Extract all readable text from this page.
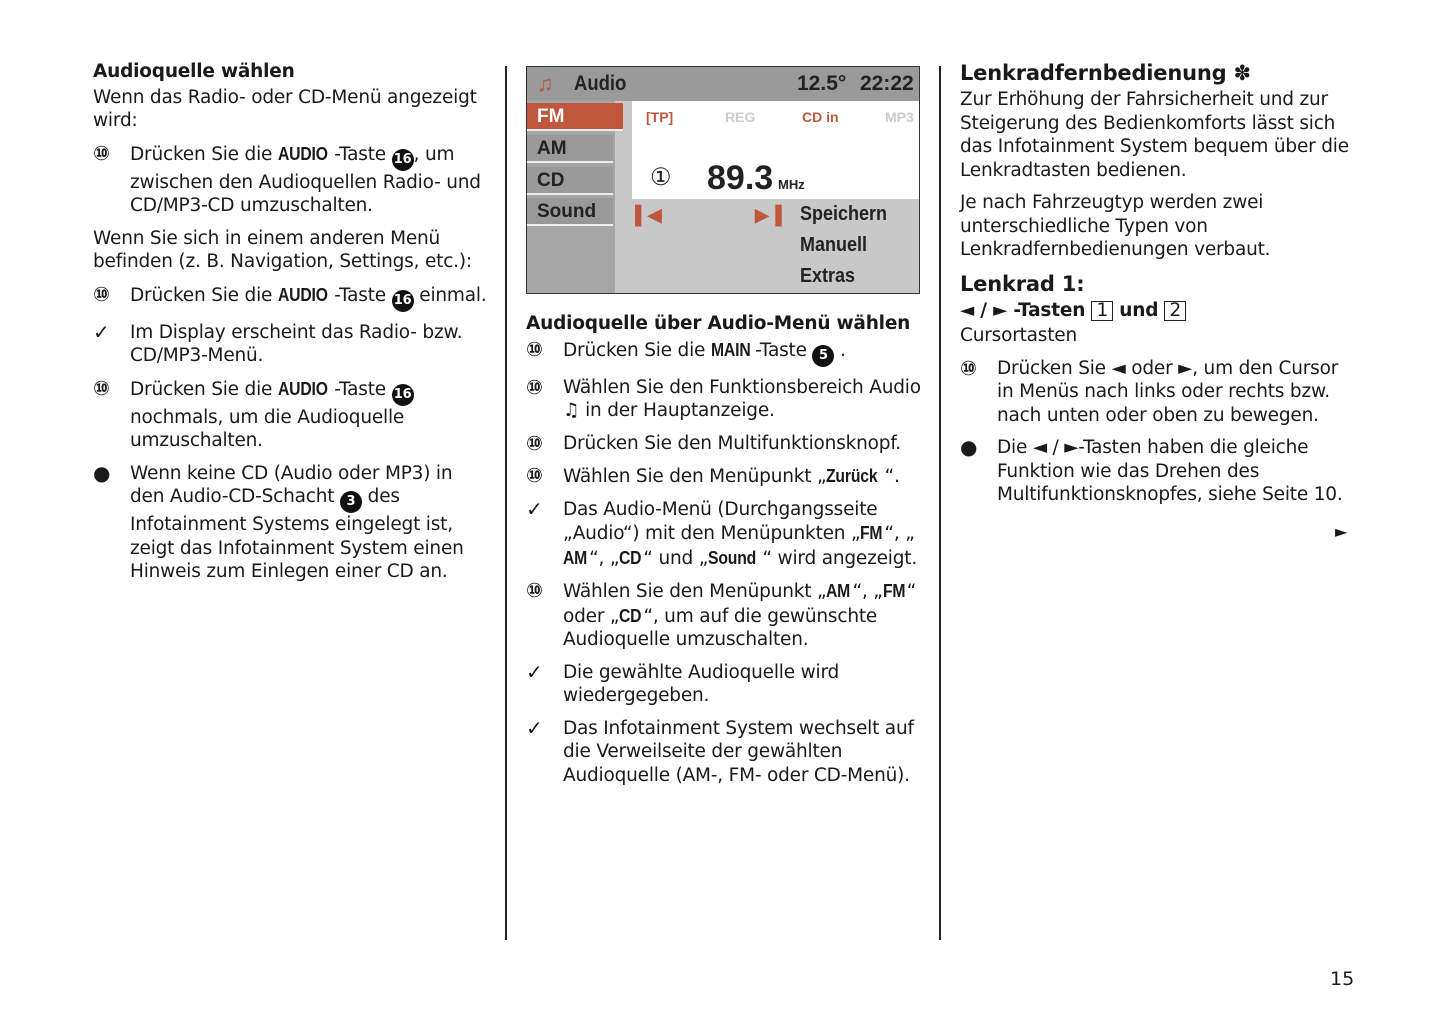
Audioquelle wählen
Wenn das Radio- oder CD-Menü angezeigt wird:
⑩ Drücken Sie die AUDIO -Taste 16 , um zwischen den Audioquellen Radio- und CD/MP3-CD umzuschalten.
Wenn Sie sich in einem anderen Menü befinden (z. B. Navigation, Settings, etc.):
⑩ Drücken Sie die AUDIO -Taste 16 einmal.
✓ Im Display erscheint das Radio- bzw. CD/MP3-Menü.
⑩ Drücken Sie die AUDIO -Taste 16 nochmals, um die Audioquelle umzuschalten.
● Wenn keine CD (Audio oder MP3) in den Audio-CD-Schacht 3 des Infotainment Systems eingelegt ist, zeigt das Infotainment System einen Hinweis zum Einlegen einer CD an.
♫ Audio	12.5° 22:22
FM
AM
CD
Sound
[TP]	REG	CD in	MP3
① 89.3 MHz
▌◀	▶▐ Speichern
Manuell
Extras
Audioquelle über Audio-Menü wählen
⑩ Drücken Sie die MAIN -Taste 5 .
⑩ Wählen Sie den Funktionsbereich Audio ♫ in der Hauptanzeige.
⑩ Drücken Sie den Multifunktionsknopf.
⑩ Wählen Sie den Menüpunkt „Zurück “.
✓ Das Audio-Menü (Durchgangsseite „Audio“) mit den Menüpunkten „FM“, „AM “, „CD“ und „Sound “ wird angezeigt.
⑩ Wählen Sie den Menüpunkt „AM “, „FM“ oder „CD“, um auf die gewünschte Audioquelle umzuschalten.
✓ Die gewählte Audioquelle wird wiedergegeben.
✓ Das Infotainment System wechselt auf die Verweilseite der gewählten Audioquelle (AM-, FM- oder CD-Menü).
Lenkradfernbedienung ✽
Zur Erhöhung der Fahrsicherheit und zur Steigerung des Bedienkomforts lässt sich das Infotainment System bequem über die Lenkradtasten bedienen.
Je nach Fahrzeugtyp werden zwei unterschiedliche Typen von Lenkradfernbedienungen verbaut.
Lenkrad 1:
◄ / ► -Tasten 1 und 2
Cursortasten
⑩ Drücken Sie ◄ oder ►, um den Cursor in Menüs nach links oder rechts bzw. nach unten oder oben zu bewegen.
● Die ◄ / ►-Tasten haben die gleiche Funktion wie das Drehen des Multifunktionsknopfes, siehe Seite 10.
►
15
